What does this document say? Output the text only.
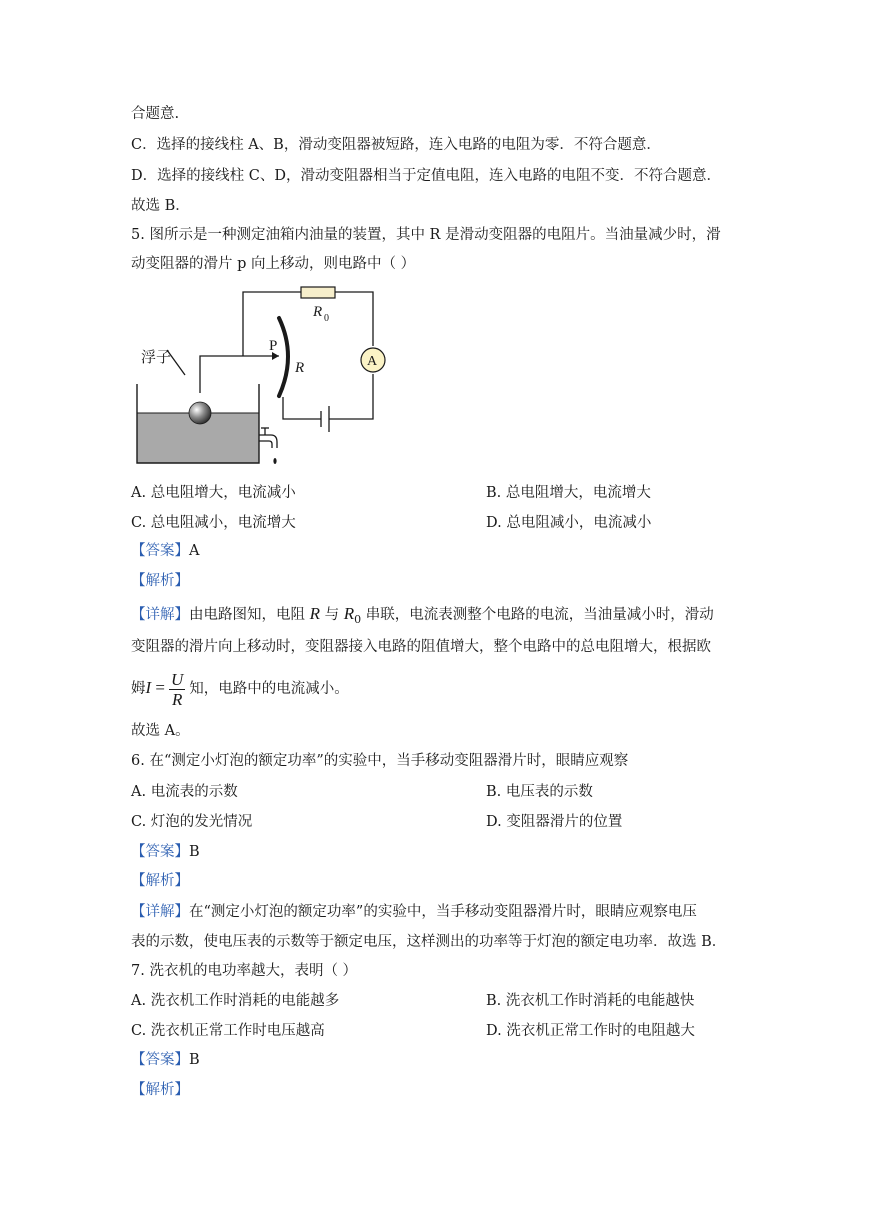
合题意.
C．选择的接线柱 A、B，滑动变阻器被短路，连入电路的电阻为零．不符合题意．
D．选择的接线柱 C、D，滑动变阻器相当于定值电阻，连入电路的电阻不变．不符合题意．
故选 B．
5. 图所示是一种测定油箱内油量的装置，其中 R 是滑动变阻器的电阻片。当油量减少时，滑
动变阻器的滑片 p 向上移动，则电路中（ ）
R 0
A
P
R
浮子
A. 总电阻增大，电流减小	B. 总电阻增大，电流增大
C. 总电阻减小，电流增大	D. 总电阻减小，电流减小
【答案】A
【解析】
【详解】由电路图知，电阻 R 与 $R_0$ 串联，电流表测整个电路的电流，当油量减小时，滑动
变阻器的滑片向上移动时，变阻器接入电路的阻值增大，整个电路中的总电阻增大，根据欧
姆$I = \frac{U}{R}$ 知，电路中的电流减小。
故选 A。
6. 在“测定小灯泡的额定功率”的实验中，当手移动变阻器滑片时，眼睛应观察
A. 电流表的示数	B. 电压表的示数
C. 灯泡的发光情况	D. 变阻器滑片的位置
【答案】B
【解析】
【详解】在“测定小灯泡的额定功率”的实验中，当手移动变阻器滑片时，眼睛应观察电压
表的示数，使电压表的示数等于额定电压，这样测出的功率等于灯泡的额定电功率．故选 B．
7. 洗衣机的电功率越大，表明（ ）
A. 洗衣机工作时消耗的电能越多	B. 洗衣机工作时消耗的电能越快
C. 洗衣机正常工作时电压越高	D. 洗衣机正常工作时的电阻越大
【答案】B
【解析】
